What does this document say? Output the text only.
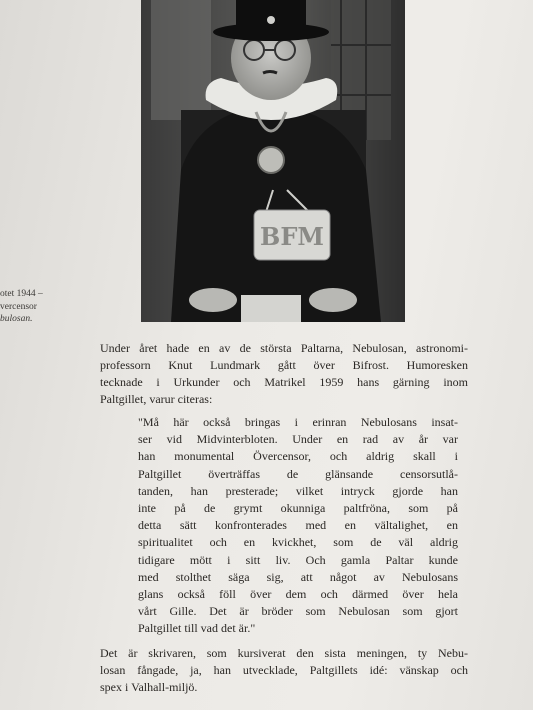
BFM
otet 1944 –
vercensor
bulosan.
Under året hade en av de största Paltarna, Nebulosan, astronomi-
professorn Knut Lundmark gått över Bifrost. Humoresken
tecknade i Urkunder och Matrikel 1959 hans gärning inom
Paltgillet, varur citeras:
"Må här också bringas i erinran Nebulosans insat-
ser vid Midvinterbloten. Under en rad av år var
han monumental Övercensor, och aldrig skall i
Paltgillet överträffas de glänsande censorsutlå-
tanden, han presterade; vilket intryck gjorde han
inte på de grymt okunniga paltfröna, som på
detta sätt konfronterades med en vältalighet, en
spiritualitet och en kvickhet, som de väl aldrig
tidigare mött i sitt liv. Och gamla Paltar kunde
med stolthet säga sig, att något av Nebulosans
glans också föll över dem och därmed över hela
vårt Gille. Det är bröder som Nebulosan som gjort
Paltgillet till vad det är."
Det är skrivaren, som kursiverat den sista meningen, ty Nebu-
losan fångade, ja, han utvecklade, Paltgillets idé: vänskap och
spex i Valhall-miljö.
